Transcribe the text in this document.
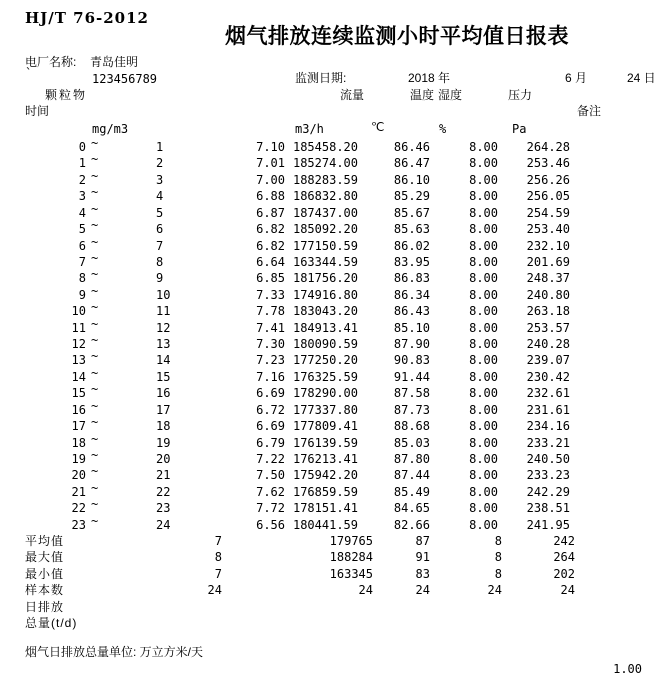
HJ/T 76-2012
烟气排放连续监测小时平均值日报表
电厂名称: 青岛佳明
`	123456789	监测日期:	2018 年	6 月	24 日
颗粒物	流量	温度 湿度	压力
时间	备注
mg/m3	m3/h	℃	%	Pa
0 ~	1	7.10 185458.20	86.46	8.00	264.28
1 ~	2	7.01 185274.00	86.47	8.00	253.46
2 ~	3	7.00 188283.59	86.10	8.00	256.26
3 ~	4	6.88 186832.80	85.29	8.00	256.05
4 ~	5	6.87 187437.00	85.67	8.00	254.59
5 ~	6	6.82 185092.20	85.63	8.00	253.40
6 ~	7	6.82 177150.59	86.02	8.00	232.10
7 ~	8	6.64 163344.59	83.95	8.00	201.69
8 ~	9	6.85 181756.20	86.83	8.00	248.37
9 ~	10	7.33 174916.80	86.34	8.00	240.80
10 ~	11	7.78 183043.20	86.43	8.00	263.18
11 ~	12	7.41 184913.41	85.10	8.00	253.57
12 ~	13	7.30 180090.59	87.90	8.00	240.28
13 ~	14	7.23 177250.20	90.83	8.00	239.07
14 ~	15	7.16 176325.59	91.44	8.00	230.42
15 ~	16	6.69 178290.00	87.58	8.00	232.61
16 ~	17	6.72 177337.80	87.73	8.00	231.61
17 ~	18	6.69 177809.41	88.68	8.00	234.16
18 ~	19	6.79 176139.59	85.03	8.00	233.21
19 ~	20	7.22 176213.41	87.80	8.00	240.50
20 ~	21	7.50 175942.20	87.44	8.00	233.23
21 ~	22	7.62 176859.59	85.49	8.00	242.29
22 ~	23	7.72 178151.41	84.65	8.00	238.51
23 ~	24	6.56 180441.59	82.66	8.00	241.95
平均值	7	179765	87	8	242
最大值	8	188284	91	8	264
最小值	7	163345	83	8	202
样本数	24	24	24	24	24
日排放
总量(t/d)
烟气日排放总量单位: 万立方米/天
1.00
